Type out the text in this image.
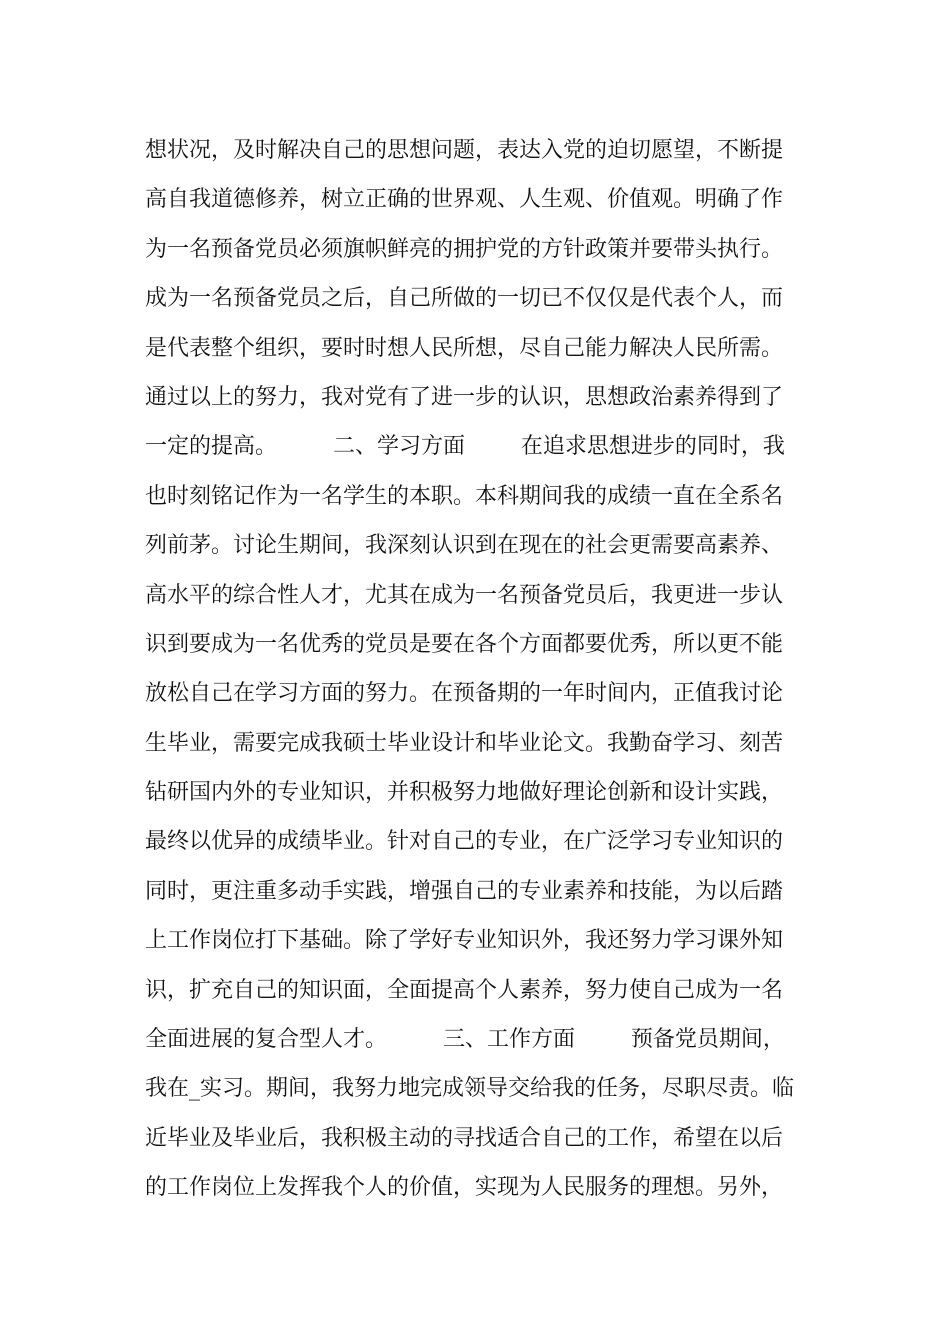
想状况，及时解决自己的思想问题，表达入党的迫切愿望，不断提
高自我道德修养，树立正确的世界观、人生观、价值观。明确了作
为一名预备党员必须旗帜鲜亮的拥护党的方针政策并要带头执行。
成为一名预备党员之后，自己所做的一切已不仅仅是代表个人，而
是代表整个组织，要时时想人民所想，尽自己能力解决人民所需。
通过以上的努力，我对党有了进一步的认识，思想政治素养得到了
一定的提高。        二、学习方面        在追求思想进步的同时，我
也时刻铭记作为一名学生的本职。本科期间我的成绩一直在全系名
列前茅。讨论生期间，我深刻认识到在现在的社会更需要高素养、
高水平的综合性人才，尤其在成为一名预备党员后，我更进一步认
识到要成为一名优秀的党员是要在各个方面都要优秀，所以更不能
放松自己在学习方面的努力。在预备期的一年时间内，正值我讨论
生毕业，需要完成我硕士毕业设计和毕业论文。我勤奋学习、刻苦
钻研国内外的专业知识，并积极努力地做好理论创新和设计实践，
最终以优异的成绩毕业。针对自己的专业，在广泛学习专业知识的
同时，更注重多动手实践，增强自己的专业素养和技能，为以后踏
上工作岗位打下基础。除了学好专业知识外，我还努力学习课外知
识，扩充自己的知识面，全面提高个人素养，努力使自己成为一名
全面进展的复合型人才。        三、工作方面        预备党员期间，
我在_实习。期间，我努力地完成领导交给我的任务，尽职尽责。临
近毕业及毕业后，我积极主动的寻找适合自己的工作，希望在以后
的工作岗位上发挥我个人的价值，实现为人民服务的理想。另外，
